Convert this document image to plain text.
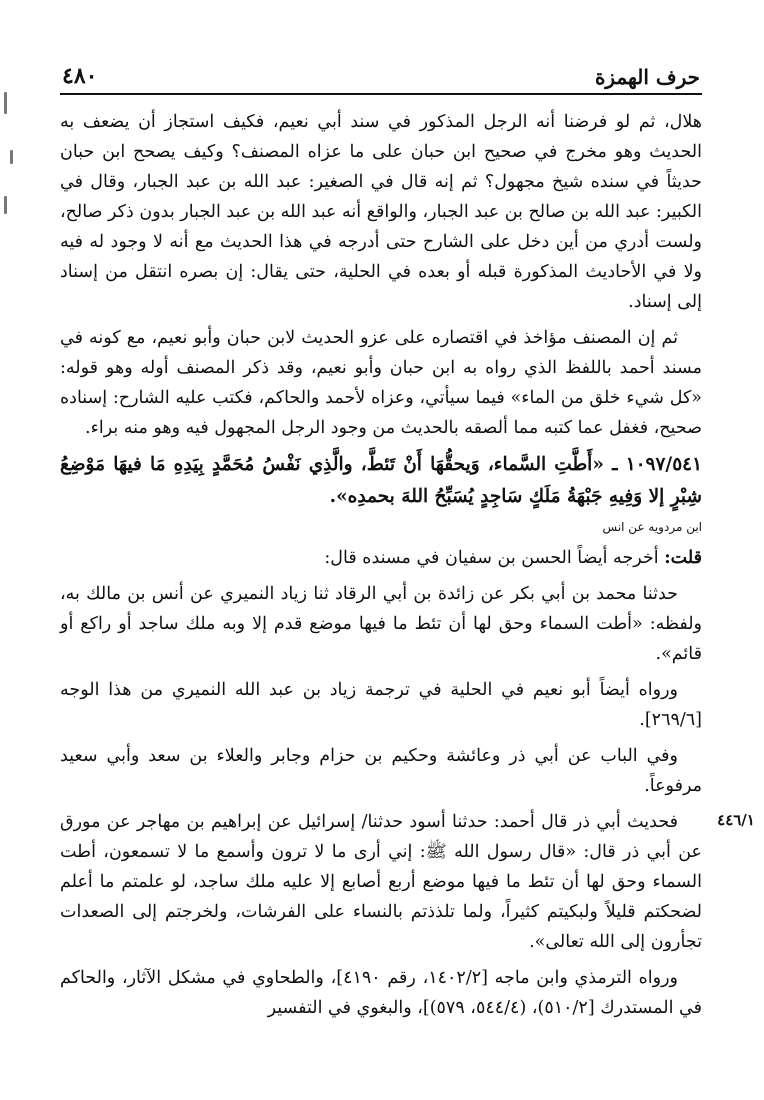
حرف الهمزة
٤٨٠

هلال، ثم لو فرضنا أنه الرجل المذكور في سند أبي نعيم، فكيف استجاز أن يضعف به الحديث وهو مخرج في صحيح ابن حبان على ما عزاه المصنف؟ وكيف يصحح ابن حبان حديثاً في سنده شيخ مجهول؟ ثم إنه قال في الصغير: عبد الله بن عبد الجبار، وقال في الكبير: عبد الله بن صالح بن عبد الجبار، والواقع أنه عبد الله بن عبد الجبار بدون ذكر صالح، ولست أدري من أين دخل على الشارح حتى أدرجه في هذا الحديث مع أنه لا وجود له فيه ولا في الأحاديث المذكورة قبله أو بعده في الحلية، حتى يقال: إن بصره انتقل من إسناد إلى إسناد.

ثم إن المصنف مؤاخذ في اقتصاره على عزو الحديث لابن حبان وأبو نعيم، مع كونه في مسند أحمد باللفظ الذي رواه به ابن حبان وأبو نعيم، وقد ذكر المصنف أوله وهو قوله: «كل شيء خلق من الماء» فيما سيأتي، وعزاه لأحمد والحاكم، فكتب عليه الشارح: إسناده صحيح، فغفل عما كتبه مما ألصقه بالحديث من وجود الرجل المجهول فيه وهو منه براء.

١٠٩٧/٥٤١ ـ «أَطَّتِ السَّماء، وَيحقُّهَا أَنْ تَئطَّ، والَّذِي نَفْسُ مُحَمَّدٍ بِيَدِهِ مَا فيهَا مَوْضِعُ شِبْرٍ إلا وَفِيهِ جَبْهَةُ مَلَكٍ سَاجِدٍ يُسَبِّحُ اللهَ بحمدِه».

ابن مردويه عن انس

قلت: أخرجه أيضاً الحسن بن سفيان في مسنده قال:

حدثنا محمد بن أبي بكر عن زائدة بن أبي الرقاد ثنا زياد النميري عن أنس بن مالك به، ولفظه: «أطت السماء وحق لها أن تئط ما فيها موضع قدم إلا وبه ملك ساجد أو راكع أو قائم».

ورواه أيضاً أبو نعيم في الحلية في ترجمة زياد بن عبد الله النميري من هذا الوجه [٢٦٩/٦].

وفي الباب عن أبي ذر وعائشة وحكيم بن حزام وجابر والعلاء بن سعد وأبي سعيد مرفوعاً.

٤٤٦/١

فحديث أبي ذر قال أحمد: حدثنا أسود حدثنا/ إسرائيل عن إبراهيم بن مهاجر عن مورق عن أبي ذر قال: «قال رسول الله ﷺ: إني أرى ما لا ترون وأسمع ما لا تسمعون، أطت السماء وحق لها أن تئط ما فيها موضع أربع أصابع إلا عليه ملك ساجد، لو علمتم ما أعلم لضحكتم قليلاً ولبكيتم كثيراً، ولما تلذذتم بالنساء على الفرشات، ولخرجتم إلى الصعدات تجأرون إلى الله تعالى».

ورواه الترمذي وابن ماجه [١٤٠٢/٢، رقم ٤١٩٠]، والطحاوي في مشكل الآثار، والحاكم في المستدرك [٥١٠/٢)، (٥٤٤/٤، ٥٧٩)]، والبغوي في التفسير
